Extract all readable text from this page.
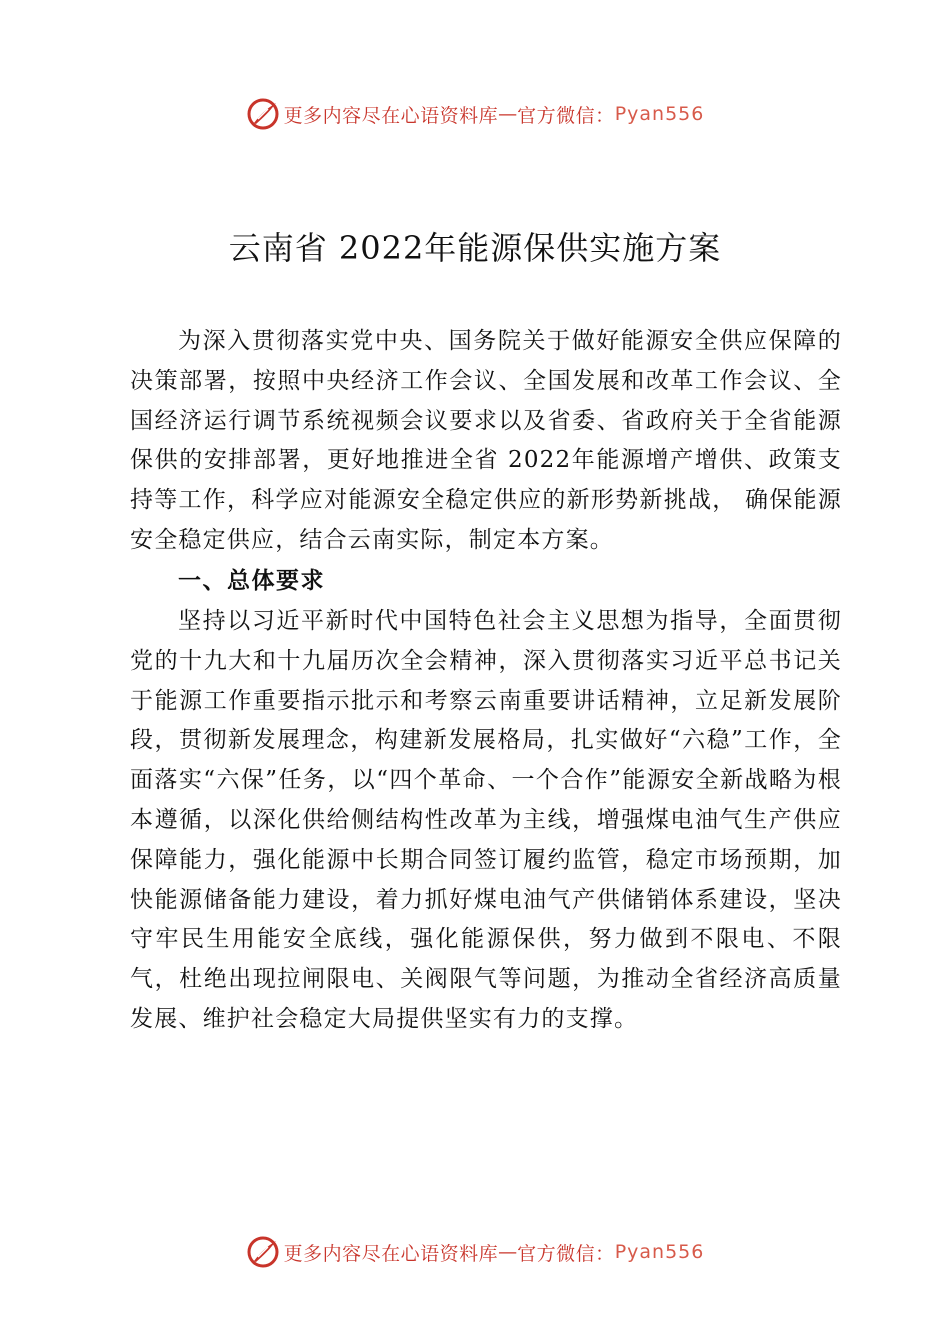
更多内容尽在心语资料库 — 官方微信： Pyan556
云南省 2022年能源保供实施方案

为深入贯彻落实党中央、国务院关于做好能源安全供应保障的决策部署，按照中央经济工作会议、全国发展和改革工作会议、全国经济运行调节系统视频会议要求以及省委、省政府关于全省能源保供的安排部署，更好地推进全省 2022年能源增产增供、政策支持等工作，科学应对能源安全稳定供应的新形势新挑战， 确保能源安全稳定供应，结合云南实际，制定本方案。

一、总体要求

坚持以习近平新时代中国特色社会主义思想为指导，全面贯彻党的十九大和十九届历次全会精神，深入贯彻落实习近平总书记关于能源工作重要指示批示和考察云南重要讲话精神，立足新发展阶段，贯彻新发展理念，构建新发展格局，扎实做好“六稳”工作，全面落实“六保”任务，以“四个革命、一个合作”能源安全新战略为根本遵循，以深化供给侧结构性改革为主线，增强煤电油气生产供应保障能力，强化能源中长期合同签订履约监管，稳定市场预期，加快能源储备能力建设，着力抓好煤电油气产供储销体系建设，坚决守牢民生用能安全底线，强化能源保供，努力做到不限电、不限气，杜绝出现拉闸限电、关阀限气等问题，为推动全省经济高质量发展、维护社会稳定大局提供坚实有力的支撑。

更多内容尽在心语资料库 — 官方微信： Pyan556
